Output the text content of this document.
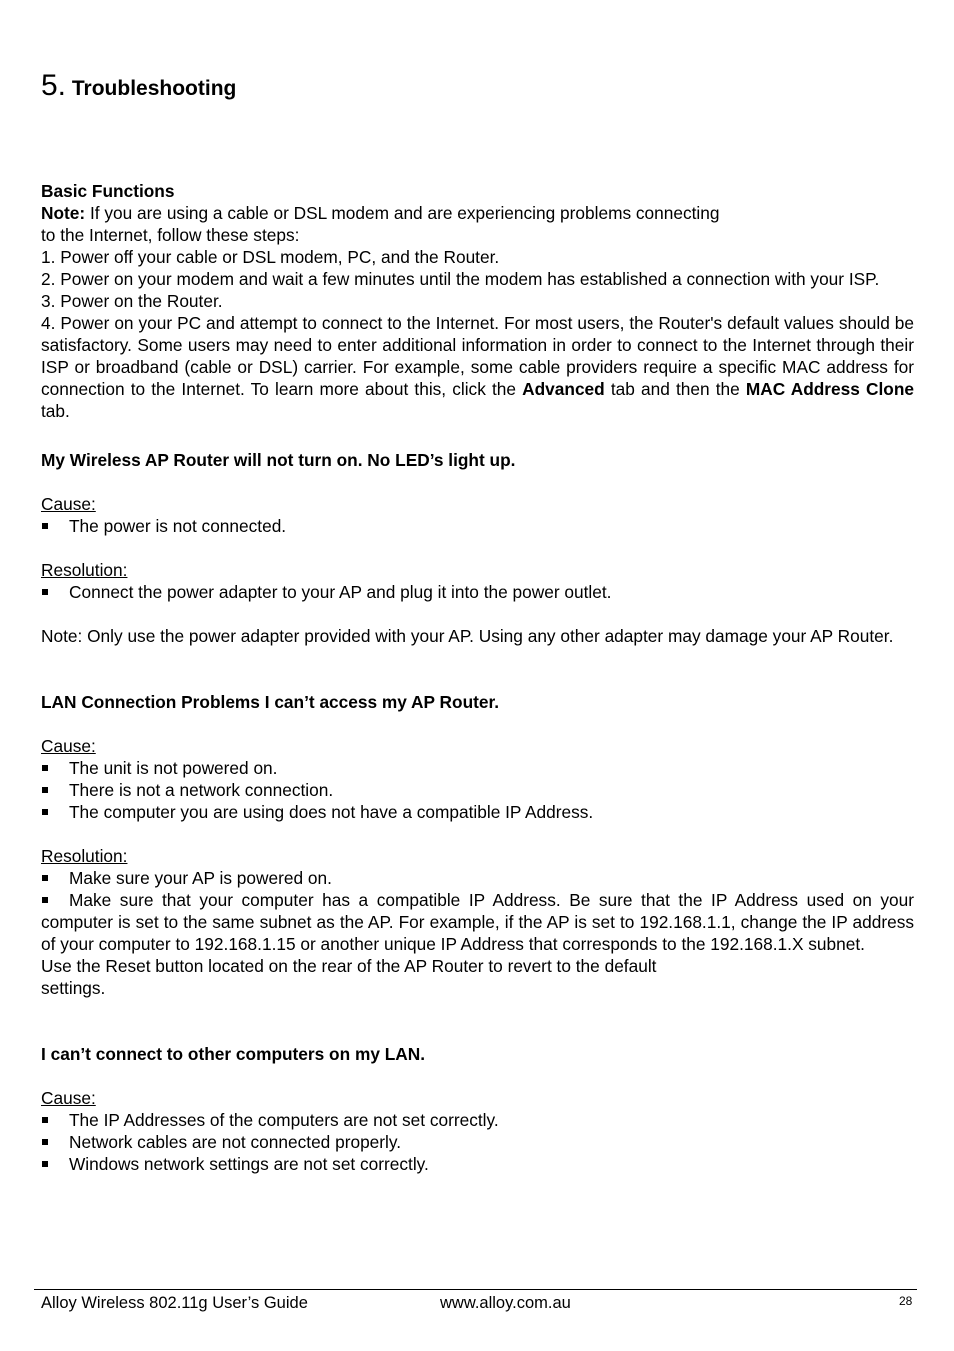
5. Troubleshooting

Basic Functions

Note: If you are using a cable or DSL modem and are experiencing problems connecting

to the Internet, follow these steps:

1. Power off your cable or DSL modem, PC, and the Router.

2. Power on your modem and wait a few minutes until the modem has established a connection with your ISP.

3. Power on the Router.

4. Power on your PC and attempt to connect to the Internet. For most users, the Router's default values should be satisfactory. Some users may need to enter additional information in order to connect to the Internet through their ISP or broadband (cable or DSL) carrier. For example, some cable providers require a specific MAC address for connection to the Internet. To learn more about this, click the Advanced tab and then the MAC Address Clone tab.

My Wireless AP Router will not turn on. No LED’s light up.

Cause:

The power is not connected.

Resolution:

Connect the power adapter to your AP and plug it into the power outlet.

Note: Only use the power adapter provided with your AP. Using any other adapter may damage your AP Router.

LAN Connection Problems I can’t access my AP Router.

Cause:

The unit is not powered on.
There is not a network connection.
The computer you are using does not have a compatible IP Address.

Resolution:

Make sure your AP is powered on.

Make sure that your computer has a compatible IP Address. Be sure that the IP Address used on your computer is set to the same subnet as the AP. For example, if the AP is set to 192.168.1.1, change the IP address of your computer to 192.168.1.15 or another unique IP Address that corresponds to the 192.168.1.X subnet.

Use the Reset button located on the rear of the AP Router to revert to the default

settings.

I can’t connect to other computers on my LAN.

Cause:

The IP Addresses of the computers are not set correctly.
Network cables are not connected properly.
Windows network settings are not set correctly.
Alloy Wireless 802.11g User’s Guide	www.alloy.com.au	28
